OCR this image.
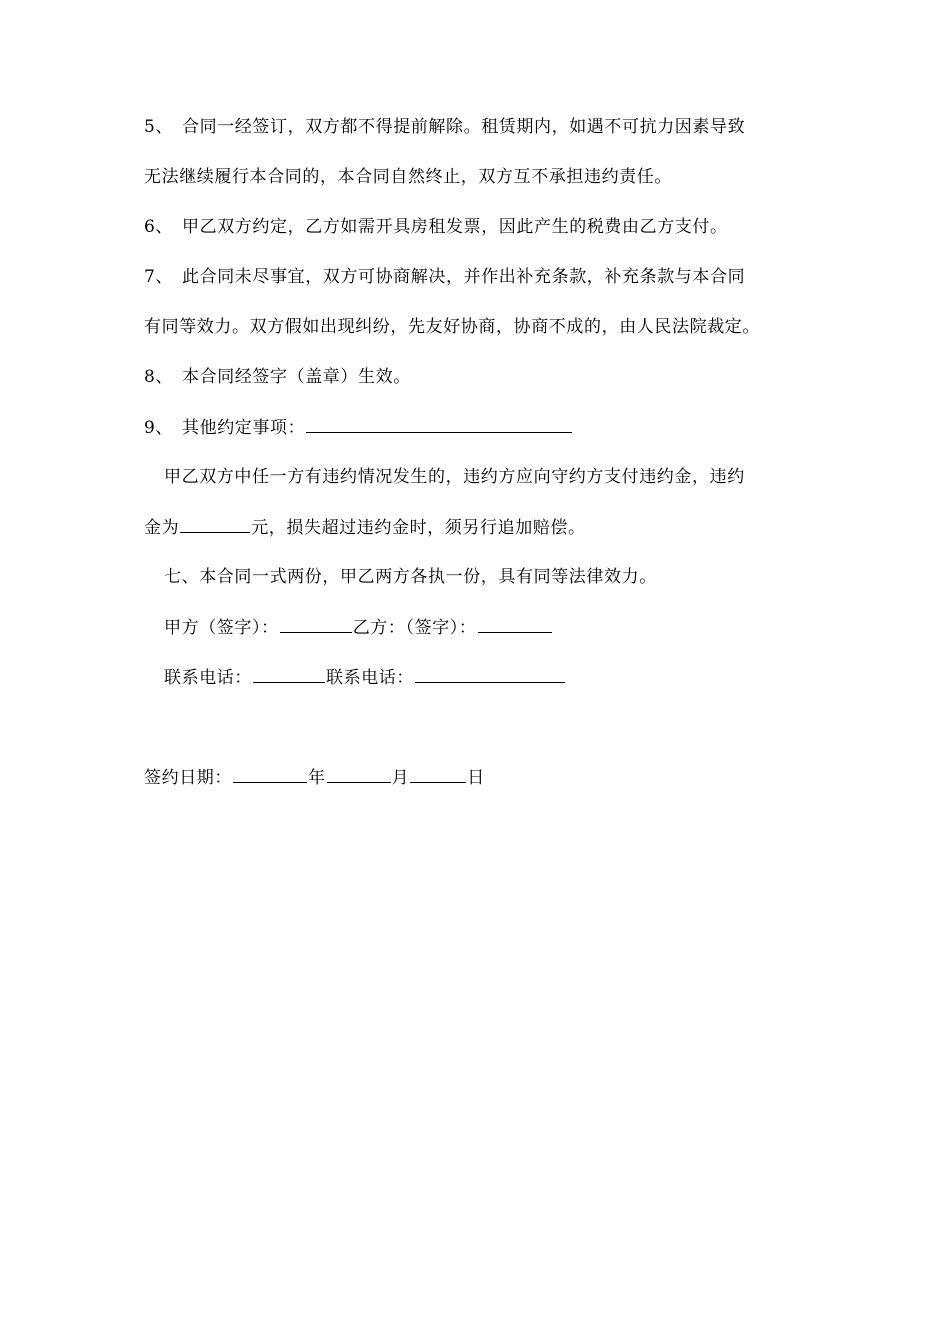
5、 合同一经签订，双方都不得提前解除。租赁期内，如遇不可抗力因素导致
无法继续履行本合同的，本合同自然终止，双方互不承担违约责任。
6、 甲乙双方约定，乙方如需开具房租发票，因此产生的税费由乙方支付。
7、 此合同未尽事宜，双方可协商解决，并作出补充条款，补充条款与本合同
有同等效力。双方假如出现纠纷，先友好协商，协商不成的，由人民法院裁定。
8、 本合同经签字（盖章）生效。
9、 其他约定事项：
甲乙双方中任一方有违约情况发生的，违约方应向守约方支付违约金，违约
金为	元，损失超过违约金时，须另行追加赔偿。
七、本合同一式两份，甲乙两方各执一份，具有同等法律效力。
甲方（签字）：	乙方：（签字）：
联系电话：	联系电话：
签约日期：	年	月	日
